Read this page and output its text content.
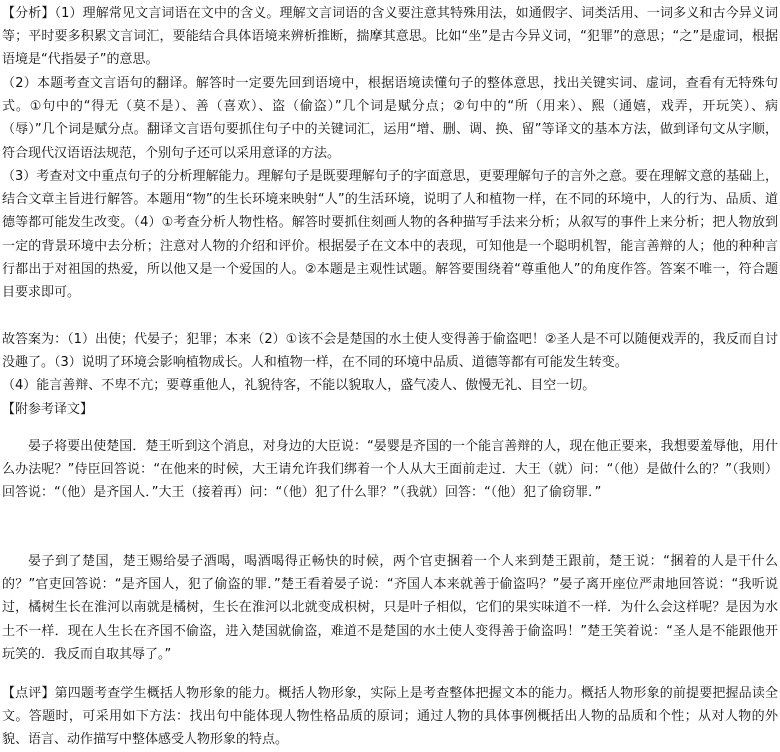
【分析】（1）理解常见文言词语在文中的含义。理解文言词语的含义要注意其特殊用法，如通假字、词类活用、一词多义和古今异义词等；平时要多积累文言词汇，要能结合具体语境来辨析推断，揣摩其意思。比如“坐”是古今异义词，“犯罪”的意思；“之”是虚词，根据语境是“代指晏子”的意思。

（2）本题考查文言语句的翻译。解答时一定要先回到语境中，根据语境读懂句子的整体意思，找出关键实词、虚词，查看有无特殊句式。①句中的“得无（莫不是）、善（喜欢）、盗（偷盗）”几个词是赋分点；②句中的“所（用来）、熙（通嬉，戏弄，开玩笑）、病（辱）”几个词是赋分点。翻译文言语句要抓住句子中的关键词汇，运用“增、删、调、换、留”等译文的基本方法，做到译句文从字顺，符合现代汉语语法规范，个别句子还可以采用意译的方法。

（3）考查对文中重点句子的分析理解能力。理解句子是既要理解句子的字面意思，更要理解句子的言外之意。要在理解文意的基础上，结合文章主旨进行解答。本题用“物”的生长环境来映射“人”的生活环境，说明了人和植物一样，在不同的环境中，人的行为、品质、道德等都可能发生改变。（4）①考查分析人物性格。解答时要抓住刻画人物的各种描写手法来分析；从叙写的事件上来分析；把人物放到一定的背景环境中去分析；注意对人物的介绍和评价。根据晏子在文本中的表现，可知他是一个聪明机智，能言善辩的人；他的种种言行都出于对祖国的热爱，所以他又是一个爱国的人。②本题是主观性试题。解答要围绕着“尊重他人”的角度作答。答案不唯一，符合题目要求即可。

故答案为：（1）出使；代晏子；犯罪；本来（2）①该不会是楚国的水土使人变得善于偷盗吧！②圣人是不可以随便戏弄的，我反而自讨没趣了。（3）说明了环境会影响植物成长。人和植物一样，在不同的环境中品质、道德等都有可能发生转变。

（4）能言善辩、不卑不亢；要尊重他人，礼貌待客，不能以貌取人，盛气凌人、傲慢无礼、目空一切。

【附参考译文】

晏子将要出使楚国．楚王听到这个消息，对身边的大臣说：“晏婴是齐国的一个能言善辩的人，现在他正要来，我想要羞辱他，用什么办法呢？”侍臣回答说：“在他来的时候，大王请允许我们绑着一个人从大王面前走过．大王（就）问：“（他）是做什么的？”（我则）回答说：“（他）是齐国人．”大王（接着再）问：“（他）犯了什么罪？”（我就）回答：“（他）犯了偷窃罪．”

晏子到了楚国，楚王赐给晏子酒喝，喝酒喝得正畅快的时候，两个官吏捆着一个人来到楚王跟前，楚王说：“捆着的人是干什么的？”官吏回答说：“是齐国人，犯了偷盗的罪．”楚王看着晏子说：“齐国人本来就善于偷盗吗？”晏子离开座位严肃地回答说：“我听说过，橘树生长在淮河以南就是橘树，生长在淮河以北就变成枳树，只是叶子相似，它们的果实味道不一样．为什么会这样呢？是因为水土不一样．现在人生长在齐国不偷盗，进入楚国就偷盗，难道不是楚国的水土使人变得善于偷盗吗！”楚王笑着说：“圣人是不能跟他开玩笑的．我反而自取其辱了。”

【点评】第四题考查学生概括人物形象的能力。概括人物形象，实际上是考查整体把握文本的能力。概括人物形象的前提要把握品读全文。答题时，可采用如下方法：找出句中能体现人物性格品质的原词；通过人物的具体事例概括出人物的品质和个性；从对人物的外貌、语言、动作描写中整体感受人物形象的特点。
